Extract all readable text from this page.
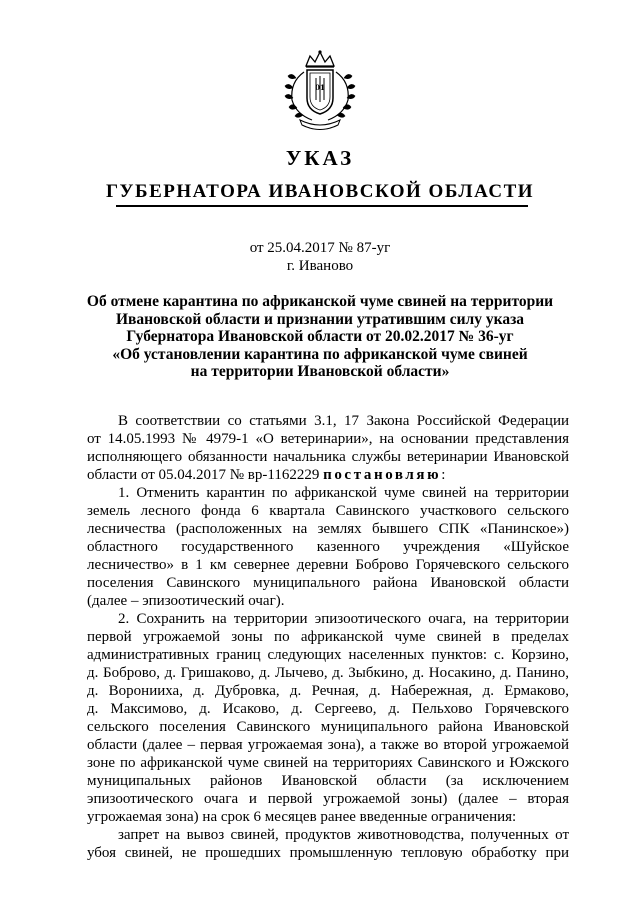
01
УКАЗ
ГУБЕРНАТОРА ИВАНОВСКОЙ ОБЛАСТИ
от 25.04.2017 № 87-уг
г. Иваново
Об отмене карантина по африканской чуме свиней на территории
Ивановской области и признании утратившим силу указа
Губернатора Ивановской области от 20.02.2017 № 36-уг
«Об установлении карантина по африканской чуме свиней
на территории Ивановской области»
В соответствии со статьями 3.1, 17 Закона Российской Федерации
от 14.05.1993 № 4979-1 «О ветеринарии», на основании представления
исполняющего обязанности начальника службы ветеринарии Ивановской
области от 05.04.2017 № вр-1162229 постановляю:
1. Отменить карантин по африканской чуме свиней на территории
земель лесного фонда 6 квартала Савинского участкового сельского
лесничества (расположенных на землях бывшего СПК «Панинское»)
областного государственного казенного учреждения «Шуйское
лесничество» в 1 км севернее деревни Боброво Горячевского сельского
поселения Савинского муниципального района Ивановской области
(далее – эпизоотический очаг).
2. Сохранить на территории эпизоотического очага, на территории
первой угрожаемой зоны по африканской чуме свиней в пределах
административных границ следующих населенных пунктов: с. Корзино,
д. Боброво, д. Гришаково, д. Лычево, д. Зыбкино, д. Носакино, д. Панино,
д. Воронииха, д. Дубровка, д. Речная, д. Набережная, д. Ермаково,
д. Максимово, д. Исаково, д. Сергеево, д. Пельхово Горячевского
сельского поселения Савинского муниципального района Ивановской
области (далее – первая угрожаемая зона), а также во второй угрожаемой
зоне по африканской чуме свиней на территориях Савинского и Южского
муниципальных районов Ивановской области (за исключением
эпизоотического очага и первой угрожаемой зоны) (далее – вторая
угрожаемая зона) на срок 6 месяцев ранее введенные ограничения:
запрет на вывоз свиней, продуктов животноводства, полученных от
убоя свиней, не прошедших промышленную тепловую обработку при
